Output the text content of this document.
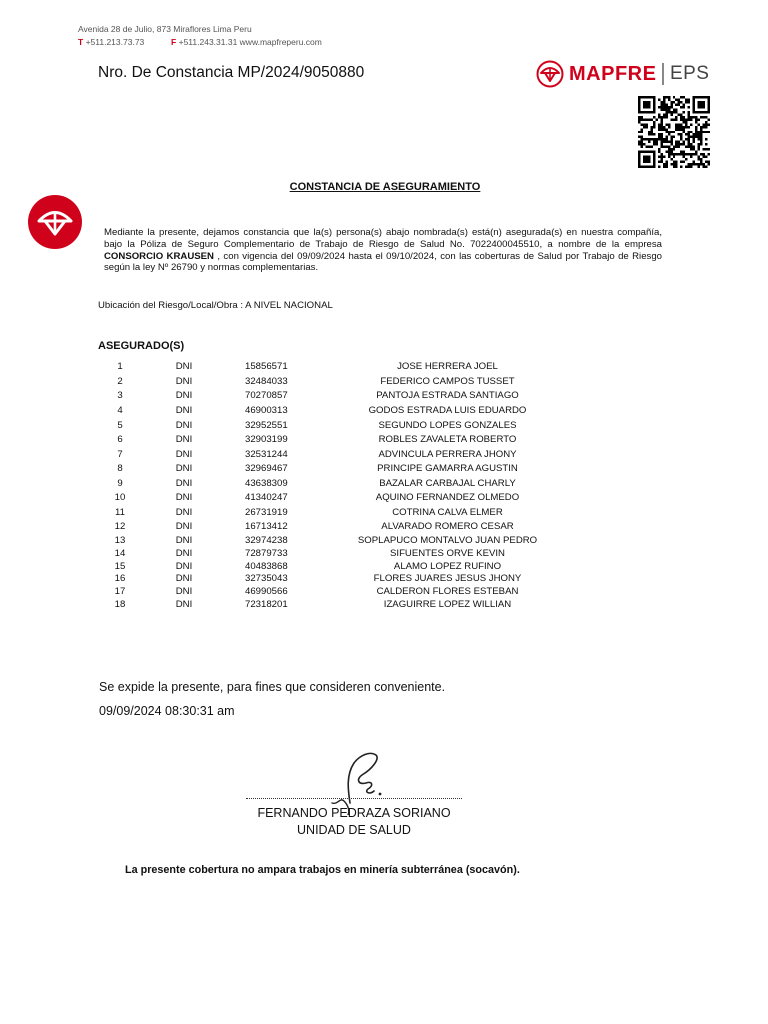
Avenida 28 de Julio, 873 Miraflores Lima Peru
T +511.213.73.73	F +511.243.31.31 www.mapfreperu.com
Nro. De Constancia MP/2024/9050880	MAPFRE EPS
CONSTANCIA DE ASEGURAMIENTO
Mediante la presente, dejamos constancia que la(s) persona(s) abajo nombrada(s) está(n) asegurada(s) en nuestra compañía, bajo la Póliza de Seguro Complementario de Trabajo de Riesgo de Salud No. 7022400045510, a nombre de la empresa CONSORCIO KRAUSEN , con vigencia del 09/09/2024 hasta el 09/10/2024, con las coberturas de Salud por Trabajo de Riesgo según la ley Nº 26790 y normas complementarias.
Ubicación del Riesgo/Local/Obra : A NIVEL NACIONAL
ASEGURADO(S)
1	DNI	15856571	JOSE HERRERA JOEL
2	DNI	32484033	FEDERICO CAMPOS TUSSET
3	DNI	70270857	PANTOJA ESTRADA SANTIAGO
4	DNI	46900313	GODOS ESTRADA LUIS EDUARDO
5	DNI	32952551	SEGUNDO LOPES GONZALES
6	DNI	32903199	ROBLES ZAVALETA ROBERTO
7	DNI	32531244	ADVINCULA PERRERA JHONY
8	DNI	32969467	PRINCIPE GAMARRA AGUSTIN
9	DNI	43638309	BAZALAR CARBAJAL CHARLY
10	DNI	41340247	AQUINO FERNANDEZ OLMEDO
11	DNI	26731919	COTRINA CALVA ELMER
12	DNI	16713412	ALVARADO ROMERO CESAR
13	DNI	32974238	SOPLAPUCO MONTALVO JUAN PEDRO
14	DNI	72879733	SIFUENTES ORVE KEVIN
15	DNI	40483868	ALAMO LOPEZ RUFINO
16	DNI	32735043	FLORES JUARES JESUS JHONY
17	DNI	46990566	CALDERON FLORES ESTEBAN
18	DNI	72318201	IZAGUIRRE LOPEZ WILLIAN
Se expide la presente, para fines que consideren conveniente.
09/09/2024 08:30:31 am
FERNANDO PEDRAZA SORIANO
UNIDAD DE SALUD
La presente cobertura no ampara trabajos en minería subterránea (socavón).
